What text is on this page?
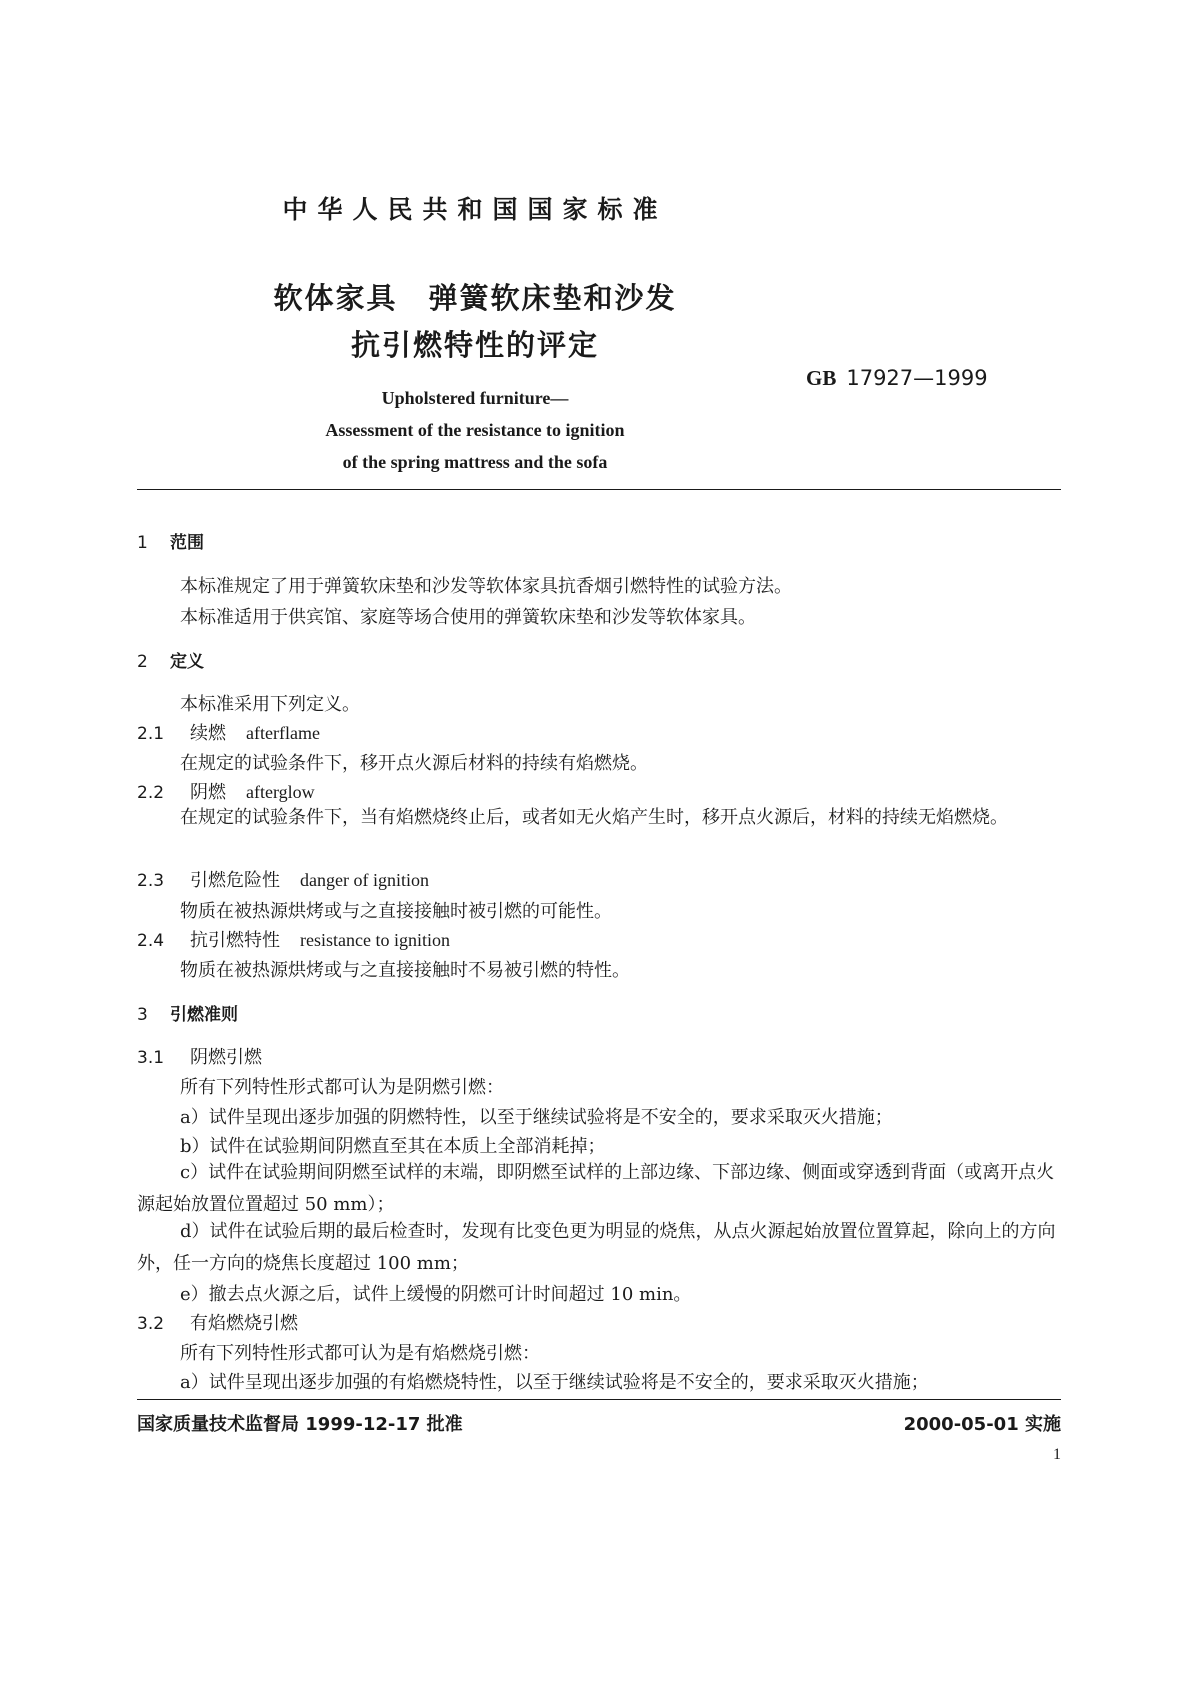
中华人民共和国国家标准

软体家具　弹簧软床垫和沙发

抗引燃特性的评定

GB 17927—1999

Upholstered furniture—

Assessment of the resistance to ignition

of the spring mattress and the sofa

1 范围

本标准规定了用于弹簧软床垫和沙发等软体家具抗香烟引燃特性的试验方法。

本标准适用于供宾馆、家庭等场合使用的弹簧软床垫和沙发等软体家具。

2 定义

本标准采用下列定义。

2.1 续燃 afterflame

在规定的试验条件下，移开点火源后材料的持续有焰燃烧。

2.2 阴燃 afterglow

在规定的试验条件下，当有焰燃烧终止后，或者如无火焰产生时，移开点火源后，材料的持续无焰燃烧。

2.3 引燃危险性 danger of ignition

物质在被热源烘烤或与之直接接触时被引燃的可能性。

2.4 抗引燃特性 resistance to ignition

物质在被热源烘烤或与之直接接触时不易被引燃的特性。

3 引燃准则

3.1 阴燃引燃

所有下列特性形式都可认为是阴燃引燃：

a）试件呈现出逐步加强的阴燃特性，以至于继续试验将是不安全的，要求采取灭火措施；

b）试件在试验期间阴燃直至其在本质上全部消耗掉；

c）试件在试验期间阴燃至试样的末端，即阴燃至试样的上部边缘、下部边缘、侧面或穿透到背面（或离开点火源起始放置位置超过 50 mm）；

d）试件在试验后期的最后检查时，发现有比变色更为明显的烧焦，从点火源起始放置位置算起，除向上的方向外，任一方向的烧焦长度超过 100 mm；

e）撤去点火源之后，试件上缓慢的阴燃可计时间超过 10 min。

3.2 有焰燃烧引燃

所有下列特性形式都可认为是有焰燃烧引燃：

a）试件呈现出逐步加强的有焰燃烧特性，以至于继续试验将是不安全的，要求采取灭火措施；

国家质量技术监督局 1999-12-17 批准	2000-05-01 实施

1
